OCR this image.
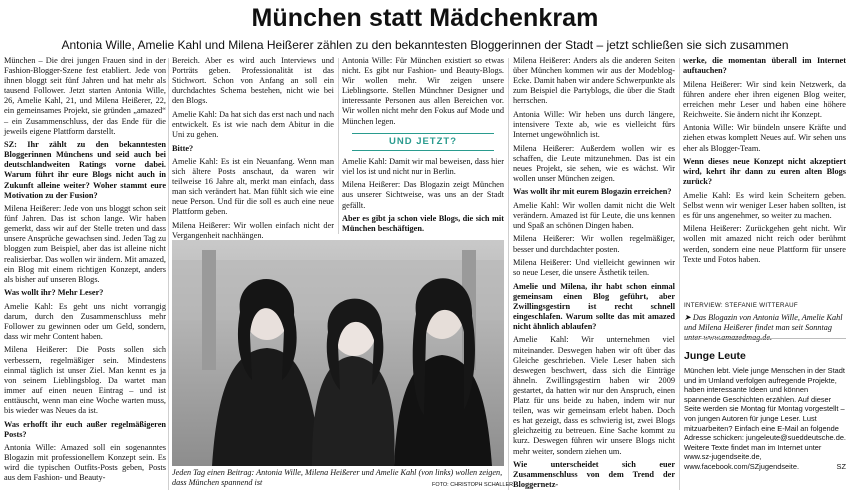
München statt Mädchenkram
Antonia Wille, Amelie Kahl und Milena Heißerer zählen zu den bekanntesten Bloggerinnen der Stadt – jetzt schließen sie sich zusammen

München – Die drei jungen Frauen sind in der Fashion-Blogger-Szene fest etabliert. Jede von ihnen bloggt seit fünf Jahren und hat mehr als tausend Follower. Jetzt starten Antonia Wille, 26, Amelie Kahl, 21, und Milena Heißerer, 22, ein gemeinsames Projekt, sie gründen „amazed“ – ein Zusammenschluss, der das Ende für die jeweils eigene Plattform darstellt.

SZ: Ihr zählt zu den bekanntesten Bloggerinnen Münchens und seid auch bei deutschlandweiten Ratings vorne dabei. Warum führt ihr eure Blogs nicht auch in Zukunft alleine weiter? Woher stammt eure Motivation zu der Fusion?

Milena Heißerer: Jede von uns bloggt schon seit fünf Jahren. Das ist schon lange. Wir haben gemerkt, dass wir auf der Stelle treten und dass unsere Ansprüche gewachsen sind. Jeden Tag zu bloggen zum Beispiel, aber das ist alleine nicht realisierbar. Das wollen wir ändern. Mit amazed, ein Blog mit einem richtigen Konzept, anders als bisher auf unseren Blogs.

Was wollt ihr? Mehr Leser?

Amelie Kahl: Es geht uns nicht vorrangig darum, durch den Zusammenschluss mehr Follower zu gewinnen oder um Geld, sondern, dass wir mehr Content haben.

Milena Heißerer: Die Posts sollen sich verbessern, regelmäßiger sein. Mindestens einmal täglich ist unser Ziel. Man kennt es ja von seinem Lieblingsblog. Da wartet man immer auf einen neuen Eintrag – und ist enttäuscht, wenn man eine Woche warten muss, bis wieder was Neues da ist.

Was erhofft ihr euch außer regelmäßigeren Posts?

Antonia Wille: Amazed soll ein sogenanntes Blogazin mit professionellem Konzept sein. Es wird die typischen Outfits-Posts geben, Posts aus dem Fashion- und Beauty-

Bereich. Aber es wird auch Interviews und Porträts geben. Professionalität ist das Stichwort. Schon von Anfang an soll ein durchdachtes Schema bestehen, nicht wie bei den Blogs.

Amelie Kahl: Da hat sich das erst nach und nach entwickelt. Es ist wie nach dem Abitur in die Uni zu gehen.

Bitte?

Amelie Kahl: Es ist ein Neuanfang. Wenn man sich ältere Posts anschaut, da waren wir teilweise 16 Jahre alt, merkt man einfach, dass man sich verändert hat. Man fühlt sich wie eine neue Person. Und für die soll es auch eine neue Plattform geben.

Milena Heißerer: Wir wollen einfach nicht der Vergangenheit nachhängen.

Antonia Wille: Für München existiert so etwas nicht. Es gibt nur Fashion- und Beauty-Blogs. Wir wollen mehr. Wir zeigen unsere Lieblingsorte. Stellen Münchner Designer und interessante Personen aus allen Bereichen vor. Wir wollen nicht mehr den Fokus auf Mode und München legen.

UND JETZT?

Amelie Kahl: Damit wir mal beweisen, dass hier viel los ist und nicht nur in Berlin.

Milena Heißerer: Das Blogazin zeigt München aus unserer Sichtweise, was uns an der Stadt gefällt.

Aber es gibt ja schon viele Blogs, die sich mit München beschäftigen.

Milena Heißerer: Anders als die anderen Seiten über München kommen wir aus der Modeblog-Ecke. Damit haben wir andere Schwerpunkte als zum Beispiel die Partyblogs, die über die Stadt herrschen.

Antonia Wille: Wir heben uns durch längere, intensivere Texte ab, wie es vielleicht fürs Internet ungewöhnlich ist.

Milena Heißerer: Außerdem wollen wir es schaffen, die Leute mitzunehmen. Das ist ein neues Projekt, sie sehen, wie es wächst. Wir wollen unser München zeigen.

Was wollt ihr mit eurem Blogazin erreichen?

Amelie Kahl: Wir wollen damit nicht die Welt verändern. Amazed ist für Leute, die uns kennen und Spaß an schönen Dingen haben.

Milena Heißerer: Wir wollen regelmäßiger, besser und durchdachter posten.

Milena Heißerer: Und vielleicht gewinnen wir so neue Leser, die unsere Ästhetik teilen.

Amelie und Milena, ihr habt schon einmal gemeinsam einen Blog geführt, aber Zwillingsgestirn ist recht schnell eingeschlafen. Warum sollte das mit amazed nicht ähnlich ablaufen?

Amelie Kahl: Wir unternehmen viel miteinander. Deswegen haben wir oft über das Gleiche geschrieben. Viele Leser haben sich deswegen beschwert, dass sich die Einträge ähneln. Zwillingsgestirn haben wir 2009 gestartet, da hatten wir nur den Anspruch, einen Platz für uns beide zu haben, indem wir nur teilen, was wir gemeinsam erlebt haben. Doch es hat gezeigt, dass es schwierig ist, zwei Blogs gleichzeitig zu betreuen. Eine Sache kommt zu kurz. Deswegen führen wir unsere Blogs nicht mehr weiter, sondern ziehen um.

Wie unterscheidet sich euer Zusammenschluss von dem Trend der Bloggernetz-

werke, die momentan überall im Internet auftauchen?

Milena Heißerer: Wir sind kein Netzwerk, da führen andere eher ihren eigenen Blog weiter, erreichen mehr Leser und haben eine höhere Reichweite. Sie ändern nicht ihr Konzept.

Antonia Wille: Wir bündeln unsere Kräfte und ziehen etwas komplett Neues auf. Wir sehen uns eher als Blogger-Team.

Wenn dieses neue Konzept nicht akzeptiert wird, kehrt ihr dann zu euren alten Blogs zurück?

Amelie Kahl: Es wird kein Scheitern geben. Selbst wenn wir weniger Leser haben sollten, ist es für uns angenehmer, so weiter zu machen.

Milena Heißerer: Zurückgehen geht nicht. Wir wollen mit amazed nicht reich oder berühmt werden, sondern eine neue Plattform für unsere Texte und Fotos haben.

Jeden Tag einen Beitrag: Antonia Wille, Milena Heißerer und Amelie Kahl (von links) wollen zeigen, dass München spannend ist	FOTO: CHRISTOPH SCHALLER
INTERVIEW: STEFANIE WITTERAUF
➤ Das Blogazin von Antonia Wille, Amelie Kahl und Milena Heißerer findet man seit Sonntag
Junge Leute
München lebt. Viele junge Menschen in der Stadt und im Umland verfolgen aufregende Projekte, haben interessante Ideen und können spannende Geschichten erzählen. Auf dieser Seite werden sie Montag für Montag vorgestellt – von jungen Autoren für junge Leser. Lust mitzuarbeiten? Einfach eine E-Mail an folgende Adresse schicken: jungeleute@sueddeutsche.de. Weitere Texte findet man im Internet unter www.sz-jugendseite.de, www.facebook.com/SZjugendseite.	SZ
